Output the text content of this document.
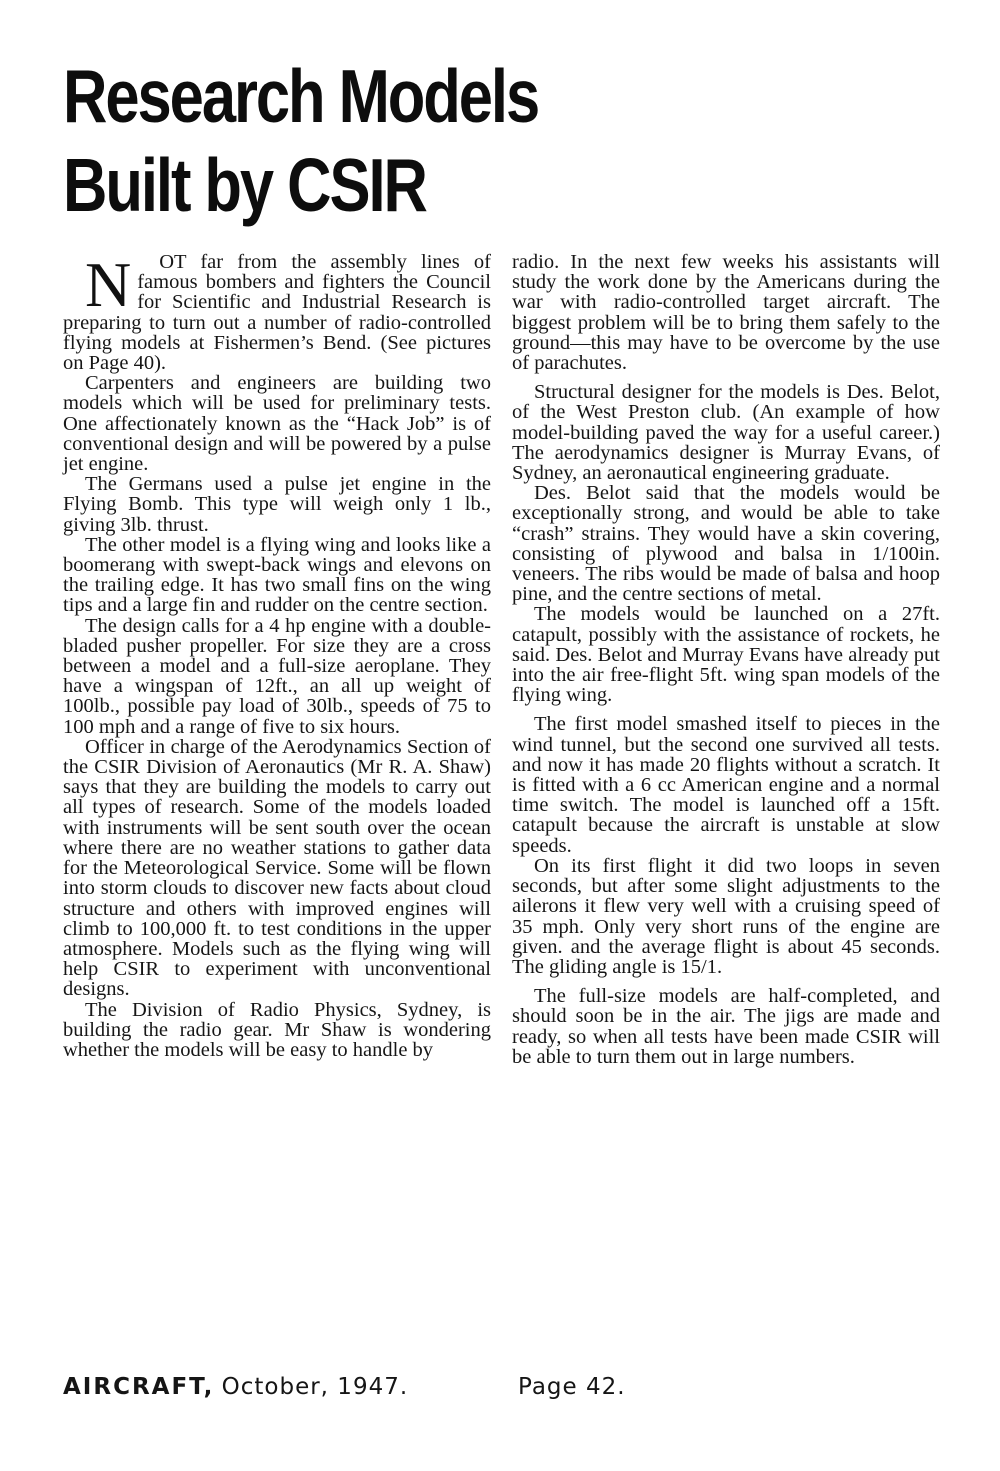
Research Models
Built by CSIR

N OT far from the assembly lines of famous bombers and fighters the Council for Scientific and Industrial Research is preparing to turn out a number of radio-controlled flying models at Fishermen’s Bend. (See pictures on Page 40).

Carpenters and engineers are building two models which will be used for preliminary tests. One affectionately known as the “Hack Job” is of conventional design and will be powered by a pulse jet engine.

The Germans used a pulse jet engine in the Flying Bomb. This type will weigh only 1 lb., giving 3lb. thrust.

The other model is a flying wing and looks like a boomerang with swept-back wings and elevons on the trailing edge. It has two small fins on the wing tips and a large fin and rudder on the centre section.

The design calls for a 4 hp engine with a double-bladed pusher propeller. For size they are a cross between a model and a full-size aeroplane. They have a wingspan of 12ft., an all up weight of 100lb., possible pay load of 30lb., speeds of 75 to 100 mph and a range of five to six hours.

Officer in charge of the Aerodynamics Section of the CSIR Division of Aeronautics (Mr R. A. Shaw) says that they are building the models to carry out all types of research. Some of the models loaded with instruments will be sent south over the ocean where there are no weather stations to gather data for the Meteorological Service. Some will be flown into storm clouds to discover new facts about cloud structure and others with improved engines will climb to 100,000 ft. to test conditions in the upper atmosphere. Models such as the flying wing will help CSIR to experiment with unconventional designs.

The Division of Radio Physics, Sydney, is building the radio gear. Mr Shaw is wondering whether the models will be easy to handle by

radio. In the next few weeks his assistants will study the work done by the Americans during the war with radio-controlled target aircraft. The biggest problem will be to bring them safely to the ground—this may have to be overcome by the use of parachutes.

Structural designer for the models is Des. Belot, of the West Preston club. (An example of how model-building paved the way for a useful career.) The aerodynamics designer is Murray Evans, of Sydney, an aeronautical engineering graduate.

Des. Belot said that the models would be exceptionally strong, and would be able to take “crash” strains. They would have a skin covering, consisting of plywood and balsa in 1/100in. veneers. The ribs would be made of balsa and hoop pine, and the centre sections of metal.

The models would be launched on a 27ft. catapult, possibly with the assistance of rockets, he said. Des. Belot and Murray Evans have already put into the air free-flight 5ft. wing span models of the flying wing.

The first model smashed itself to pieces in the wind tunnel, but the second one survived all tests. and now it has made 20 flights without a scratch. It is fitted with a 6 cc American engine and a normal time switch. The model is launched off a 15ft. catapult because the aircraft is unstable at slow speeds.

On its first flight it did two loops in seven seconds, but after some slight adjustments to the ailerons it flew very well with a cruising speed of 35 mph. Only very short runs of the engine are given. and the average flight is about 45 seconds. The gliding angle is 15/1.

The full-size models are half-completed, and should soon be in the air. The jigs are made and ready, so when all tests have been made CSIR will be able to turn them out in large numbers.

AIRCRAFT, October, 1947.	Page 42.
